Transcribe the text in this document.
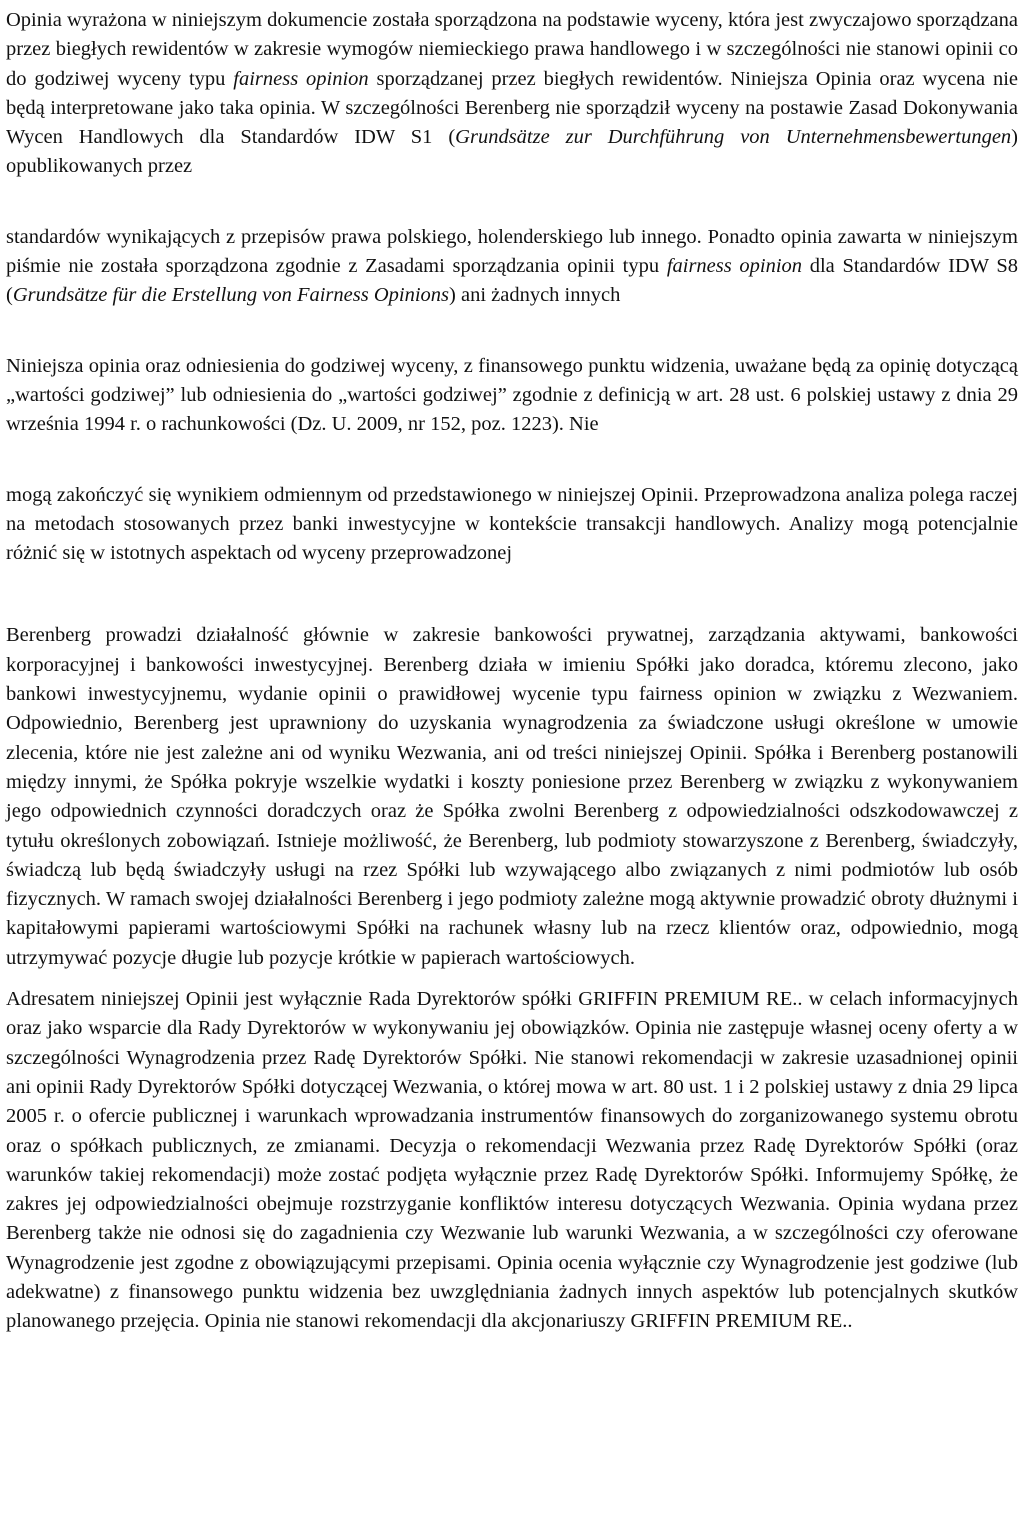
Opinia wyrażona w niniejszym dokumencie została sporządzona na podstawie wyceny, która jest zwyczajowo sporządzana przez biegłych rewidentów w zakresie wymogów niemieckiego prawa handlowego i w szczególności nie stanowi opinii co do godziwej wyceny typu fairness opinion sporządzanej przez biegłych rewidentów. Niniejsza Opinia oraz wycena nie będą interpretowane jako taka opinia. W szczególności Berenberg nie sporządził wyceny na postawie Zasad Dokonywania Wycen Handlowych dla Standardów IDW S1 (Grundsätze zur Durchführung von Unternehmensbewertungen) opublikowanych przez

standardów wynikających z przepisów prawa polskiego, holenderskiego lub innego. Ponadto opinia zawarta w niniejszym piśmie nie została sporządzona zgodnie z Zasadami sporządzania opinii typu fairness opinion dla Standardów IDW S8 (Grundsätze für die Erstellung von Fairness Opinions) ani żadnych innych

Niniejsza opinia oraz odniesienia do godziwej wyceny, z finansowego punktu widzenia, uważane będą za opinię dotyczącą „wartości godziwej” lub odniesienia do „wartości godziwej” zgodnie z definicją w art. 28 ust. 6 polskiej ustawy z dnia 29 września 1994 r. o rachunkowości (Dz. U. 2009, nr 152, poz. 1223). Nie

mogą zakończyć się wynikiem odmiennym od przedstawionego w niniejszej Opinii. Przeprowadzona analiza polega raczej na metodach stosowanych przez banki inwestycyjne w kontekście transakcji handlowych. Analizy mogą potencjalnie różnić się w istotnych aspektach od wyceny przeprowadzonej

Berenberg prowadzi działalność głównie w zakresie bankowości prywatnej, zarządzania aktywami, bankowości korporacyjnej i bankowości inwestycyjnej. Berenberg działa w imieniu Spółki jako doradca, któremu zlecono, jako bankowi inwestycyjnemu, wydanie opinii o prawidłowej wycenie typu fairness opinion w związku z Wezwaniem. Odpowiednio, Berenberg jest uprawniony do uzyskania wynagrodzenia za świadczone usługi określone w umowie zlecenia, które nie jest zależne ani od wyniku Wezwania, ani od treści niniejszej Opinii. Spółka i Berenberg postanowili między innymi, że Spółka pokryje wszelkie wydatki i koszty poniesione przez Berenberg w związku z wykonywaniem jego odpowiednich czynności doradczych oraz że Spółka zwolni Berenberg z odpowiedzialności odszkodowawczej z tytułu określonych zobowiązań. Istnieje możliwość, że Berenberg, lub podmioty stowarzyszone z Berenberg, świadczyły, świadczą lub będą świadczyły usługi na rzez Spółki lub wzywającego albo związanych z nimi podmiotów lub osób fizycznych. W ramach swojej działalności Berenberg i jego podmioty zależne mogą aktywnie prowadzić obroty dłużnymi i kapitałowymi papierami wartościowymi Spółki na rachunek własny lub na rzecz klientów oraz, odpowiednio, mogą utrzymywać pozycje długie lub pozycje krótkie w papierach wartościowych.

Adresatem niniejszej Opinii jest wyłącznie Rada Dyrektorów spółki GRIFFIN PREMIUM RE.. w celach informacyjnych oraz jako wsparcie dla Rady Dyrektorów w wykonywaniu jej obowiązków. Opinia nie zastępuje własnej oceny oferty a w szczególności Wynagrodzenia przez Radę Dyrektorów Spółki. Nie stanowi rekomendacji w zakresie uzasadnionej opinii ani opinii Rady Dyrektorów Spółki dotyczącej Wezwania, o której mowa w art. 80 ust. 1 i 2 polskiej ustawy z dnia 29 lipca 2005 r. o ofercie publicznej i warunkach wprowadzania instrumentów finansowych do zorganizowanego systemu obrotu oraz o spółkach publicznych, ze zmianami. Decyzja o rekomendacji Wezwania przez Radę Dyrektorów Spółki (oraz warunków takiej rekomendacji) może zostać podjęta wyłącznie przez Radę Dyrektorów Spółki. Informujemy Spółkę, że zakres jej odpowiedzialności obejmuje rozstrzyganie konfliktów interesu dotyczących Wezwania. Opinia wydana przez Berenberg także nie odnosi się do zagadnienia czy Wezwanie lub warunki Wezwania, a w szczególności czy oferowane Wynagrodzenie jest zgodne z obowiązującymi przepisami. Opinia ocenia wyłącznie czy Wynagrodzenie jest godziwe (lub adekwatne) z finansowego punktu widzenia bez uwzględniania żadnych innych aspektów lub potencjalnych skutków planowanego przejęcia. Opinia nie stanowi rekomendacji dla akcjonariuszy GRIFFIN PREMIUM RE..
